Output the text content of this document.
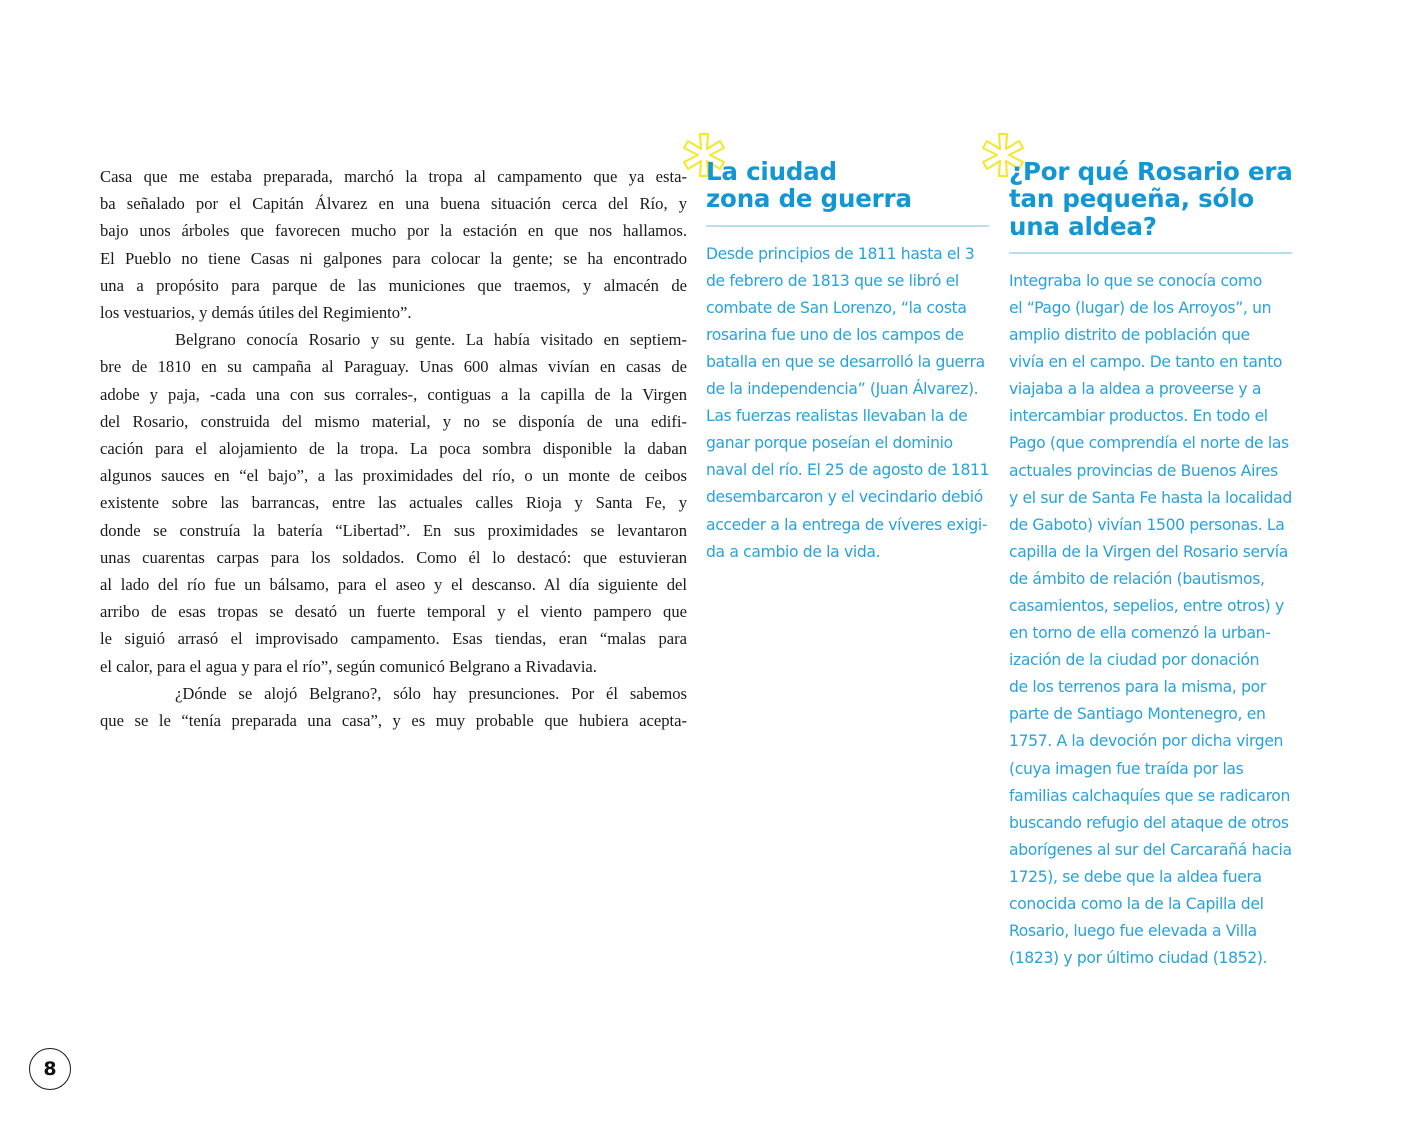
Casa que me estaba preparada, marchó la tropa al campamento que ya esta-
ba señalado por el Capitán Álvarez en una buena situación cerca del Río, y
bajo unos árboles que favorecen mucho por la estación en que nos hallamos.
El Pueblo no tiene Casas ni galpones para colocar la gente; se ha encontrado
una a propósito para parque de las municiones que traemos, y almacén de
los vestuarios, y demás útiles del Regimiento”.
Belgrano conocía Rosario y su gente. La había visitado en septiem-
bre de 1810 en su campaña al Paraguay. Unas 600 almas vivían en casas de
adobe y paja, -cada una con sus corrales-, contiguas a la capilla de la Virgen
del Rosario, construida del mismo material, y no se disponía de una edifi-
cación para el alojamiento de la tropa. La poca sombra disponible la daban
algunos sauces en “el bajo”, a las proximidades del río, o un monte de ceibos
existente sobre las barrancas, entre las actuales calles Rioja y Santa Fe, y
donde se construía la batería “Libertad”. En sus proximidades se levantaron
unas cuarentas carpas para los soldados. Como él lo destacó: que estuvieran
al lado del río fue un bálsamo, para el aseo y el descanso. Al día siguiente del
arribo de esas tropas se desató un fuerte temporal y el viento pampero que
le siguió arrasó el improvisado campamento. Esas tiendas, eran “malas para
el calor, para el agua y para el río”, según comunicó Belgrano a Rivadavia.
¿Dónde se alojó Belgrano?, sólo hay presunciones. Por él sabemos
que se le “tenía preparada una casa”, y es muy probable que hubiera acepta-
La ciudad
zona de guerra
Desde principios de 1811 hasta el 3
de febrero de 1813 que se libró el
combate de San Lorenzo, “la costa
rosarina fue uno de los campos de
batalla en que se desarrolló la guerra
de la independencia” (Juan Álvarez).
Las fuerzas realistas llevaban la de
ganar porque poseían el dominio
naval del río. El 25 de agosto de 1811
desembarcaron y el vecindario debió
acceder a la entrega de víveres exigi-
da a cambio de la vida.
¿Por qué Rosario era
tan pequeña, sólo
una aldea?
Integraba lo que se conocía como
el “Pago (lugar) de los Arroyos”, un
amplio distrito de población que
vivía en el campo. De tanto en tanto
viajaba a la aldea a proveerse y a
intercambiar productos. En todo el
Pago (que comprendía el norte de las
actuales provincias de Buenos Aires
y el sur de Santa Fe hasta la localidad
de Gaboto) vivían 1500 personas. La
capilla de la Virgen del Rosario servía
de ámbito de relación (bautismos,
casamientos, sepelios, entre otros) y
en torno de ella comenzó la urban-
ización de la ciudad por donación
de los terrenos para la misma, por
parte de Santiago Montenegro, en
1757. A la devoción por dicha virgen
(cuya imagen fue traída por las
familias calchaquíes que se radicaron
buscando refugio del ataque de otros
aborígenes al sur del Carcarañá hacia
1725), se debe que la aldea fuera
conocida como la de la Capilla del
Rosario, luego fue elevada a Villa
(1823) y por último ciudad (1852).
8
